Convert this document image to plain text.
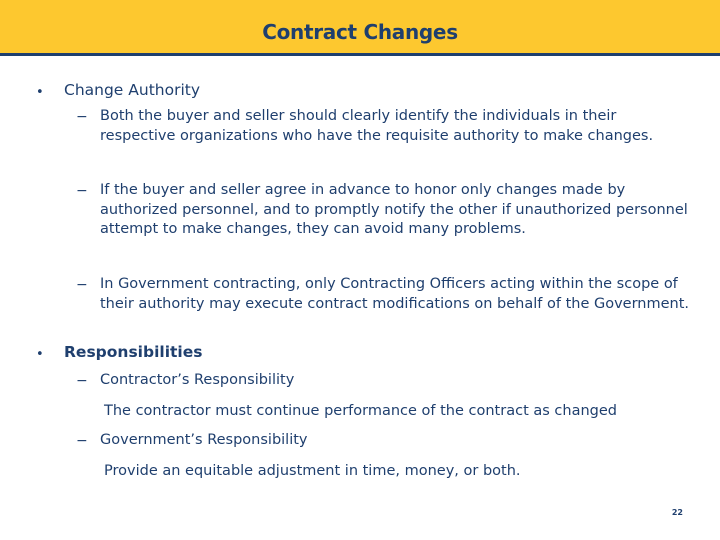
Contract Changes
• Change Authority
− Both the buyer and seller should clearly identify the individuals in their respective organizations who have the requisite authority to make changes.
− If the buyer and seller agree in advance to honor only changes made by authorized personnel, and to promptly notify the other if unauthorized personnel attempt to make changes, they can avoid many problems.
− In Government contracting, only Contracting Officers acting within the scope of their authority may execute contract modifications on behalf of the Government.
• Responsibilities
− Contractor’s Responsibility
The contractor must continue performance of the contract as changed
− Government’s Responsibility
Provide an equitable adjustment in time, money, or both.
22
